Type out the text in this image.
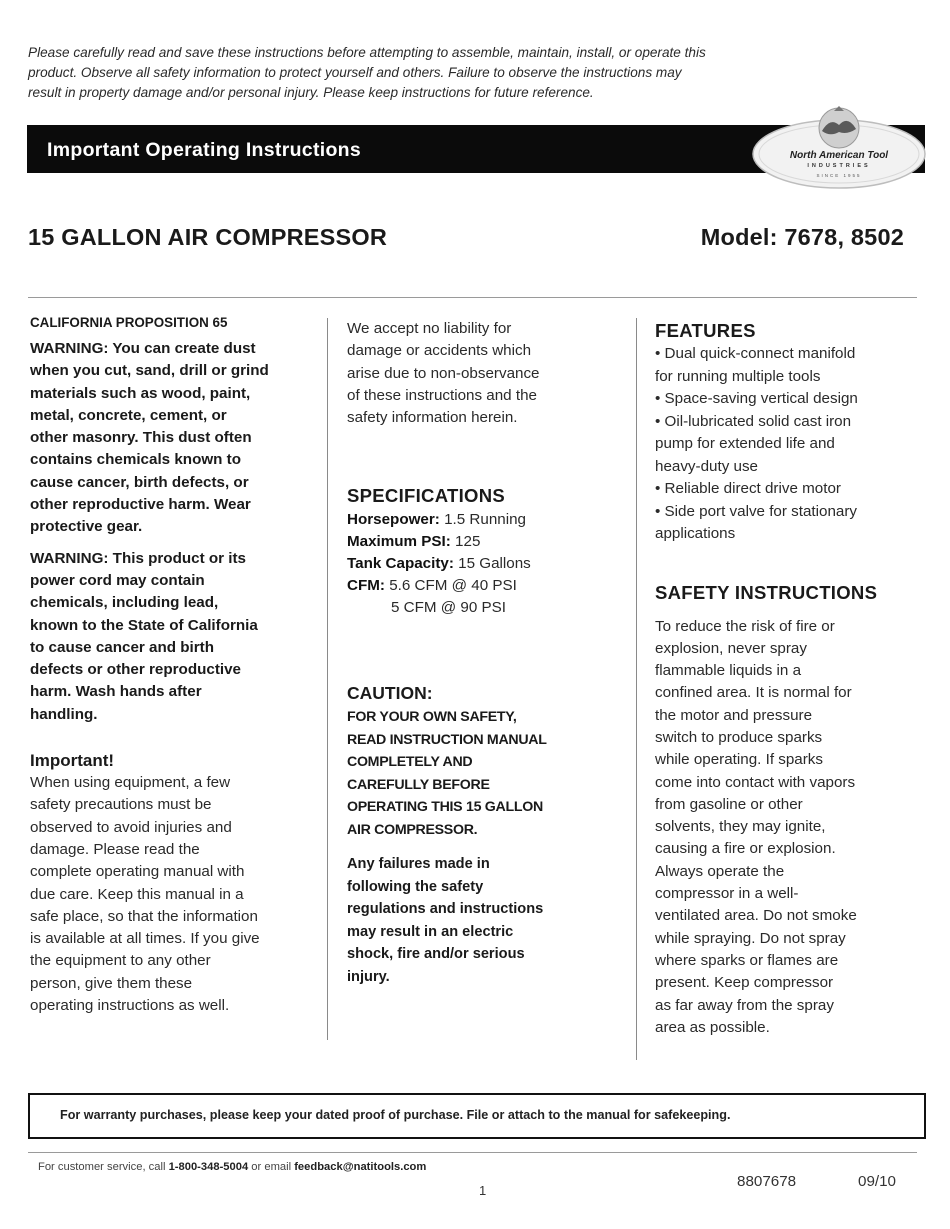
Please carefully read and save these instructions before attempting to assemble, maintain, install, or operate this
product. Observe all safety information to protect yourself and others. Failure to observe the instructions may
result in property damage and/or personal injury. Please keep instructions for future reference.
Important Operating Instructions	North American Tool
INDUSTRIES
SINCE 1955
15 GALLON AIR COMPRESSOR	Model: 7678, 8502
CALIFORNIA PROPOSITION 65
WARNING: You can create dust
when you cut, sand, drill or grind
materials such as wood, paint,
metal, concrete, cement, or
other masonry. This dust often
contains chemicals known to
cause cancer, birth defects, or
other reproductive harm. Wear
protective gear.
WARNING: This product or its
power cord may contain
chemicals, including lead,
known to the State of California
to cause cancer and birth
defects or other reproductive
harm. Wash hands after
handling.
Important!
When using equipment, a few
safety precautions must be
observed to avoid injuries and
damage. Please read the
complete operating manual with
due care. Keep this manual in a
safe place, so that the information
is available at all times. If you give
the equipment to any other
person, give them these
operating instructions as well.
We accept no liability for
damage or accidents which
arise due to non-observance
of these instructions and the
safety information herein.
SPECIFICATIONS
Horsepower: 1.5 Running
Maximum PSI: 125
Tank Capacity: 15 Gallons
CFM: 5.6 CFM @ 40 PSI
5 CFM @ 90 PSI
CAUTION:
FOR YOUR OWN SAFETY,
READ INSTRUCTION MANUAL
COMPLETELY AND
CAREFULLY BEFORE
OPERATING THIS 15 GALLON
AIR COMPRESSOR.
Any failures made in
following the safety
regulations and instructions
may result in an electric
shock, fire and/or serious
injury.
FEATURES
• Dual quick-connect manifold
for running multiple tools
• Space-saving vertical design
• Oil-lubricated solid cast iron
pump for extended life and
heavy-duty use
• Reliable direct drive motor
• Side port valve for stationary
applications
SAFETY INSTRUCTIONS
To reduce the risk of fire or
explosion, never spray
flammable liquids in a
confined area. It is normal for
the motor and pressure
switch to produce sparks
while operating. If sparks
come into contact with vapors
from gasoline or other
solvents, they may ignite,
causing a fire or explosion.
Always operate the
compressor in a well-
ventilated area. Do not smoke
while spraying. Do not spray
where sparks or flames are
present. Keep compressor
as far away from the spray
area as possible.
For warranty purchases, please keep your dated proof of purchase. File or attach to the manual for safekeeping.
For customer service, call 1-800-348-5004 or email feedback@natitools.com
1
8807678	09/10
